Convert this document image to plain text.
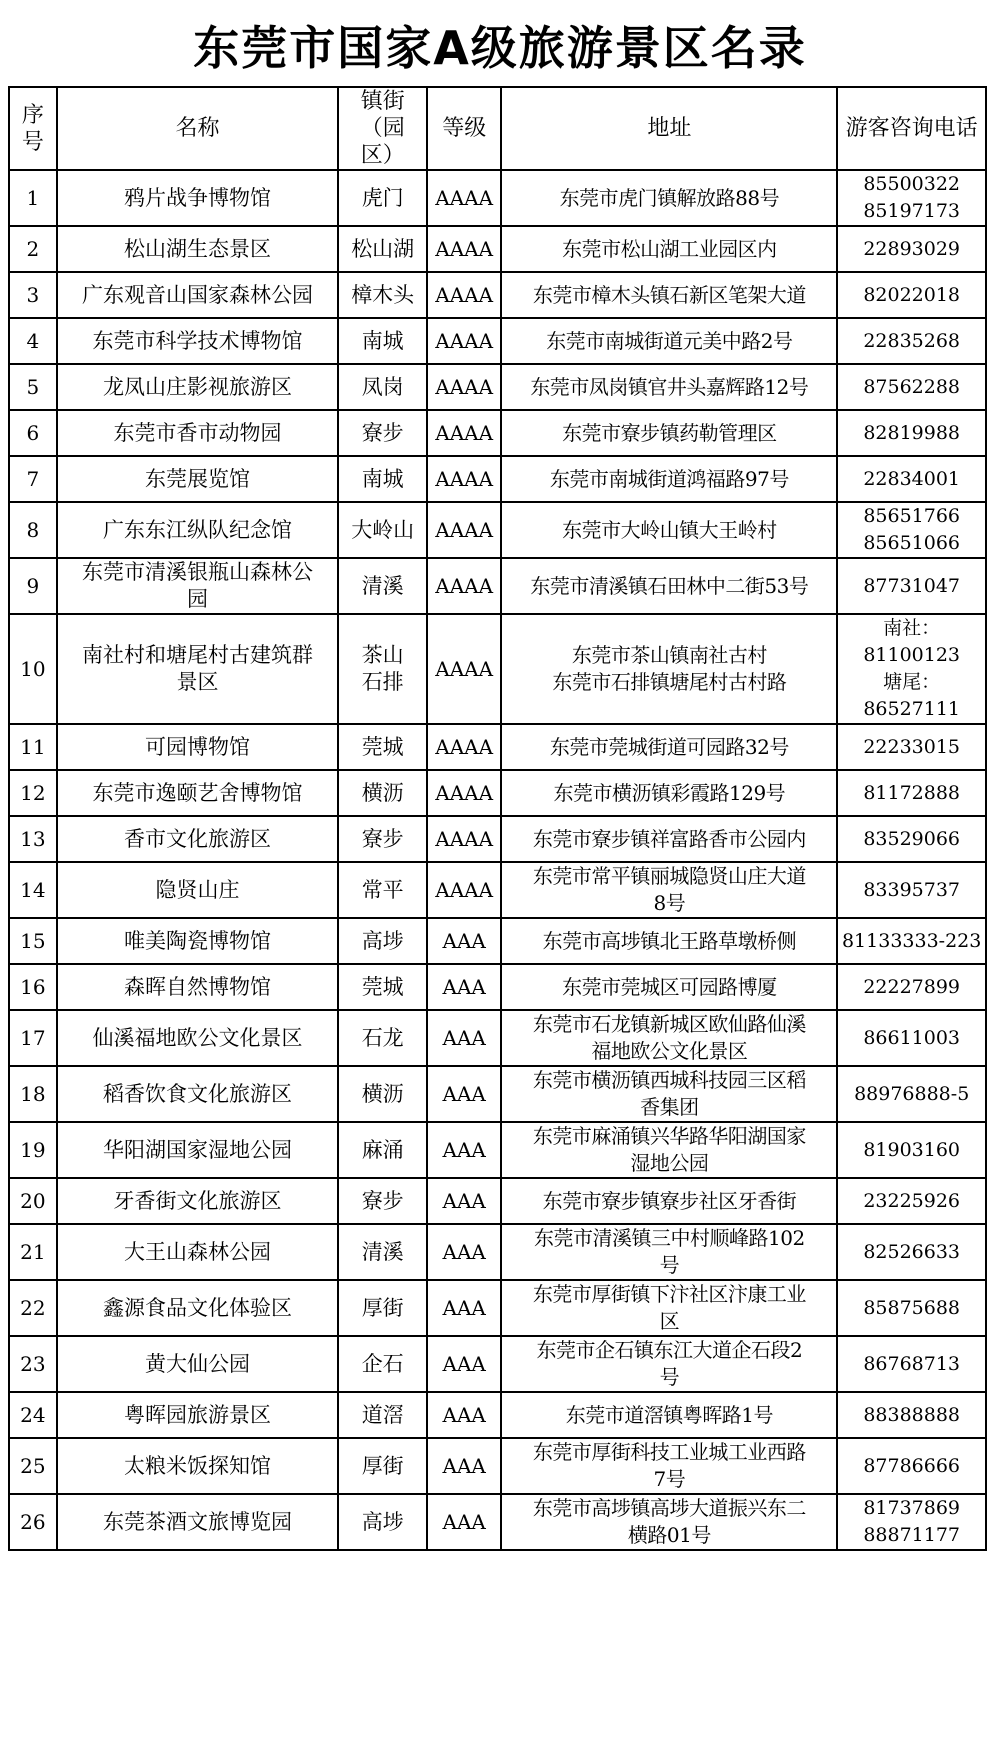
东莞市国家A级旅游景区名录
序
号	名称	镇街
（园
区）	等级	地址	游客咨询电话
1	鸦片战争博物馆	虎门	AAAA	东莞市虎门镇解放路88号	85500322
85197173

2	松山湖生态景区	松山湖	AAAA	东莞市松山湖工业园区内	22893029

3	广东观音山国家森林公园	樟木头	AAAA	东莞市樟木头镇石新区笔架大道	82022018

4	东莞市科学技术博物馆	南城	AAAA	东莞市南城街道元美中路2号	22835268

5	龙凤山庄影视旅游区	凤岗	AAAA	东莞市凤岗镇官井头嘉辉路12号	87562288

6	东莞市香市动物园	寮步	AAAA	东莞市寮步镇药勒管理区	82819988

7	东莞展览馆	南城	AAAA	东莞市南城街道鸿福路97号	22834001

8	广东东江纵队纪念馆	大岭山	AAAA	东莞市大岭山镇大王岭村	85651766
85651066

9	东莞市清溪银瓶山森林公
园	清溪	AAAA	东莞市清溪镇石田林中二街53号	87731047

10	南社村和塘尾村古建筑群
景区	茶山
石排	AAAA	东莞市茶山镇南社古村
东莞市石排镇塘尾村古村路	南社：
81100123
塘尾：
86527111

11	可园博物馆	莞城	AAAA	东莞市莞城街道可园路32号	22233015

12	东莞市逸颐艺舍博物馆	横沥	AAAA	东莞市横沥镇彩霞路129号	81172888

13	香市文化旅游区	寮步	AAAA	东莞市寮步镇祥富路香市公园内	83529066

14	隐贤山庄	常平	AAAA	东莞市常平镇丽城隐贤山庄大道
8号	83395737

15	唯美陶瓷博物馆	高埗	AAA	东莞市高埗镇北王路草墩桥侧	81133333-223

16	森晖自然博物馆	莞城	AAA	东莞市莞城区可园路博厦	22227899

17	仙溪福地欧公文化景区	石龙	AAA	东莞市石龙镇新城区欧仙路仙溪
福地欧公文化景区	86611003

18	稻香饮食文化旅游区	横沥	AAA	东莞市横沥镇西城科技园三区稻
香集团	88976888-5

19	华阳湖国家湿地公园	麻涌	AAA	东莞市麻涌镇兴华路华阳湖国家
湿地公园	81903160

20	牙香街文化旅游区	寮步	AAA	东莞市寮步镇寮步社区牙香街	23225926

21	大王山森林公园	清溪	AAA	东莞市清溪镇三中村顺峰路102
号	82526633

22	鑫源食品文化体验区	厚街	AAA	东莞市厚街镇下汴社区汴康工业
区	85875688

23	黄大仙公园	企石	AAA	东莞市企石镇东江大道企石段2
号	86768713

24	粤晖园旅游景区	道滘	AAA	东莞市道滘镇粤晖路1号	88388888

25	太粮米饭探知馆	厚街	AAA	东莞市厚街科技工业城工业西路
7号	87786666

26	东莞茶酒文旅博览园	高埗	AAA	东莞市高埗镇高埗大道振兴东二
横路01号	81737869
88871177
